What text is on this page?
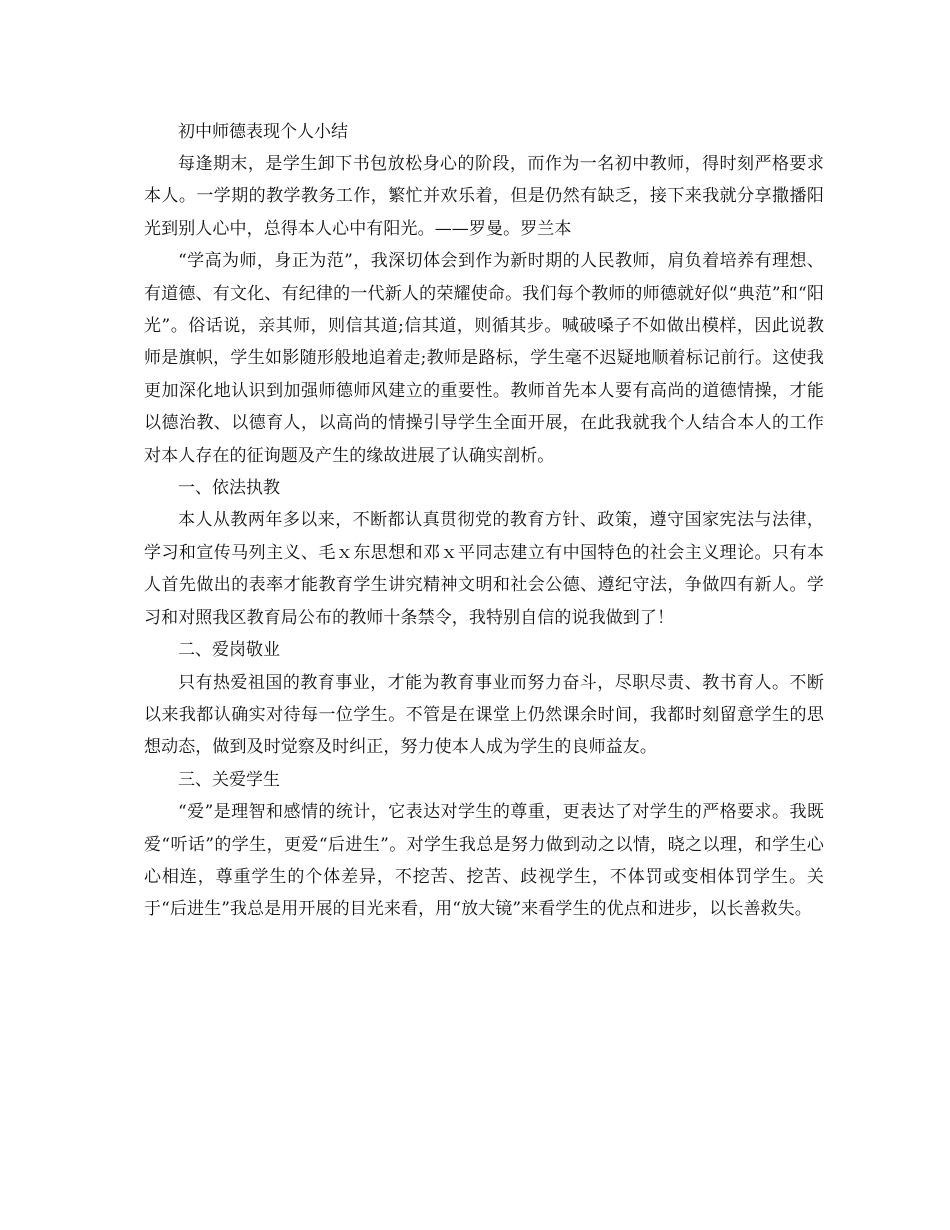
初中师德表现个人小结

每逢期末，是学生卸下书包放松身心的阶段，而作为一名初中教师，得时刻严格要求本人。一学期的教学教务工作，繁忙并欢乐着，但是仍然有缺乏，接下来我就分享撒播阳光到别人心中，总得本人心中有阳光。——罗曼。罗兰本

“学高为师，身正为范”，我深切体会到作为新时期的人民教师，肩负着培养有理想、有道德、有文化、有纪律的一代新人的荣耀使命。我们每个教师的师德就好似“典范”和“阳光”。俗话说，亲其师，则信其道;信其道，则循其步。喊破嗓子不如做出模样，因此说教师是旗帜，学生如影随形般地追着走;教师是路标，学生毫不迟疑地顺着标记前行。这使我更加深化地认识到加强师德师风建立的重要性。教师首先本人要有高尚的道德情操，才能以德治教、以德育人，以高尚的情操引导学生全面开展，在此我就我个人结合本人的工作对本人存在的征询题及产生的缘故进展了认确实剖析。

一、依法执教

本人从教两年多以来，不断都认真贯彻党的教育方针、政策，遵守国家宪法与法律，学习和宣传马列主义、毛ｘ东思想和邓ｘ平同志建立有中国特色的社会主义理论。只有本人首先做出的表率才能教育学生讲究精神文明和社会公德、遵纪守法，争做四有新人。学习和对照我区教育局公布的教师十条禁令，我特别自信的说我做到了！

二、爱岗敬业

只有热爱祖国的教育事业，才能为教育事业而努力奋斗，尽职尽责、教书育人。不断以来我都认确实对待每一位学生。不管是在课堂上仍然课余时间，我都时刻留意学生的思想动态，做到及时觉察及时纠正，努力使本人成为学生的良师益友。

三、关爱学生

“爱”是理智和感情的统计，它表达对学生的尊重，更表达了对学生的严格要求。我既爱“听话”的学生，更爱“后进生”。对学生我总是努力做到动之以情，晓之以理，和学生心心相连，尊重学生的个体差异，不挖苦、挖苦、歧视学生，不体罚或变相体罚学生。关于“后进生”我总是用开展的目光来看，用“放大镜”来看学生的优点和进步，以长善救失。
